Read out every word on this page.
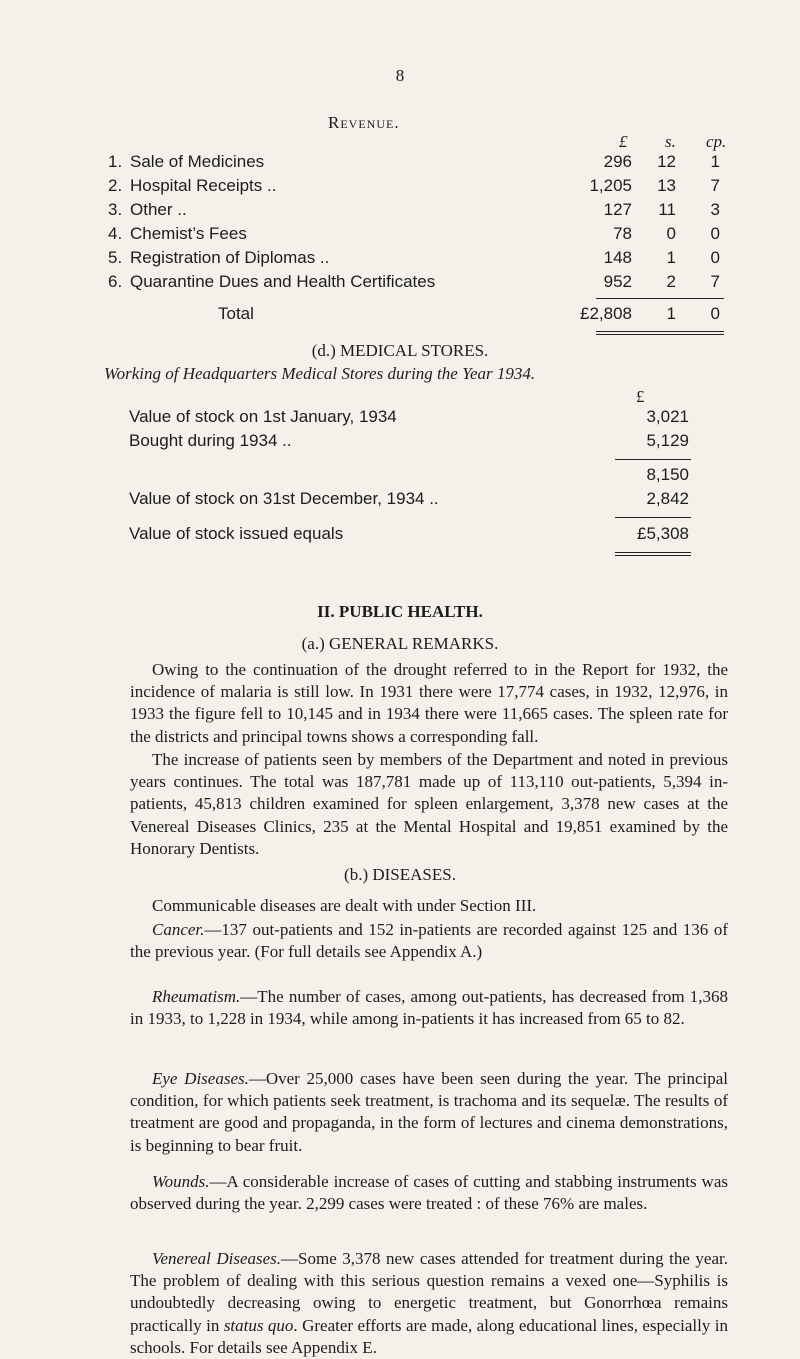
8
Revenue.
£ s. cp.
1. Sale of Medicines	296	12	1
2. Hospital Receipts ..	1,205	13	7
3. Other ..	127	11	3
4. Chemist’s Fees	78	0	0
5. Registration of Diplomas ..	148	1	0
6. Quarantine Dues and Health Certificates	952	2	7
Total	£2,808	1	0
(d.) MEDICAL STORES.
Working of Headquarters Medical Stores during the Year 1934.
£
Value of stock on 1st January, 1934	3,021
Bought during 1934 ..	5,129
8,150
Value of stock on 31st December, 1934 ..	2,842
Value of stock issued equals	£5,308
II. PUBLIC HEALTH.
(a.) GENERAL REMARKS.

Owing to the continuation of the drought referred to in the Report for 1932, the incidence of malaria is still low. In 1931 there were 17,774 cases, in 1932, 12,976, in 1933 the figure fell to 10,145 and in 1934 there were 11,665 cases. The spleen rate for the districts and principal towns shows a corresponding fall.

The increase of patients seen by members of the Department and noted in previous years continues. The total was 187,781 made up of 113,110 out-patients, 5,394 in-patients, 45,813 children examined for spleen enlargement, 3,378 new cases at the Venereal Diseases Clinics, 235 at the Mental Hospital and 19,851 examined by the Honorary Dentists.

(b.) DISEASES.

Communicable diseases are dealt with under Section III.

Cancer.—137 out-patients and 152 in-patients are recorded against 125 and 136 of the previous year. (For full details see Appendix A.)

Rheumatism.—The number of cases, among out-patients, has decreased from 1,368 in 1933, to 1,228 in 1934, while among in-patients it has increased from 65 to 82.

Eye Diseases.—Over 25,000 cases have been seen during the year. The principal condition, for which patients seek treatment, is trachoma and its sequelæ. The results of treatment are good and propaganda, in the form of lectures and cinema demonstrations, is beginning to bear fruit.

Wounds.—A considerable increase of cases of cutting and stabbing instruments was observed during the year. 2,299 cases were treated : of these 76% are males.

Venereal Diseases.—Some 3,378 new cases attended for treatment during the year. The problem of dealing with this serious question remains a vexed one—Syphilis is undoubtedly decreasing owing to energetic treatment, but Gonorrhœa remains practically in status quo. Greater efforts are made, along educational lines, especially in schools. For details see Appendix E.
